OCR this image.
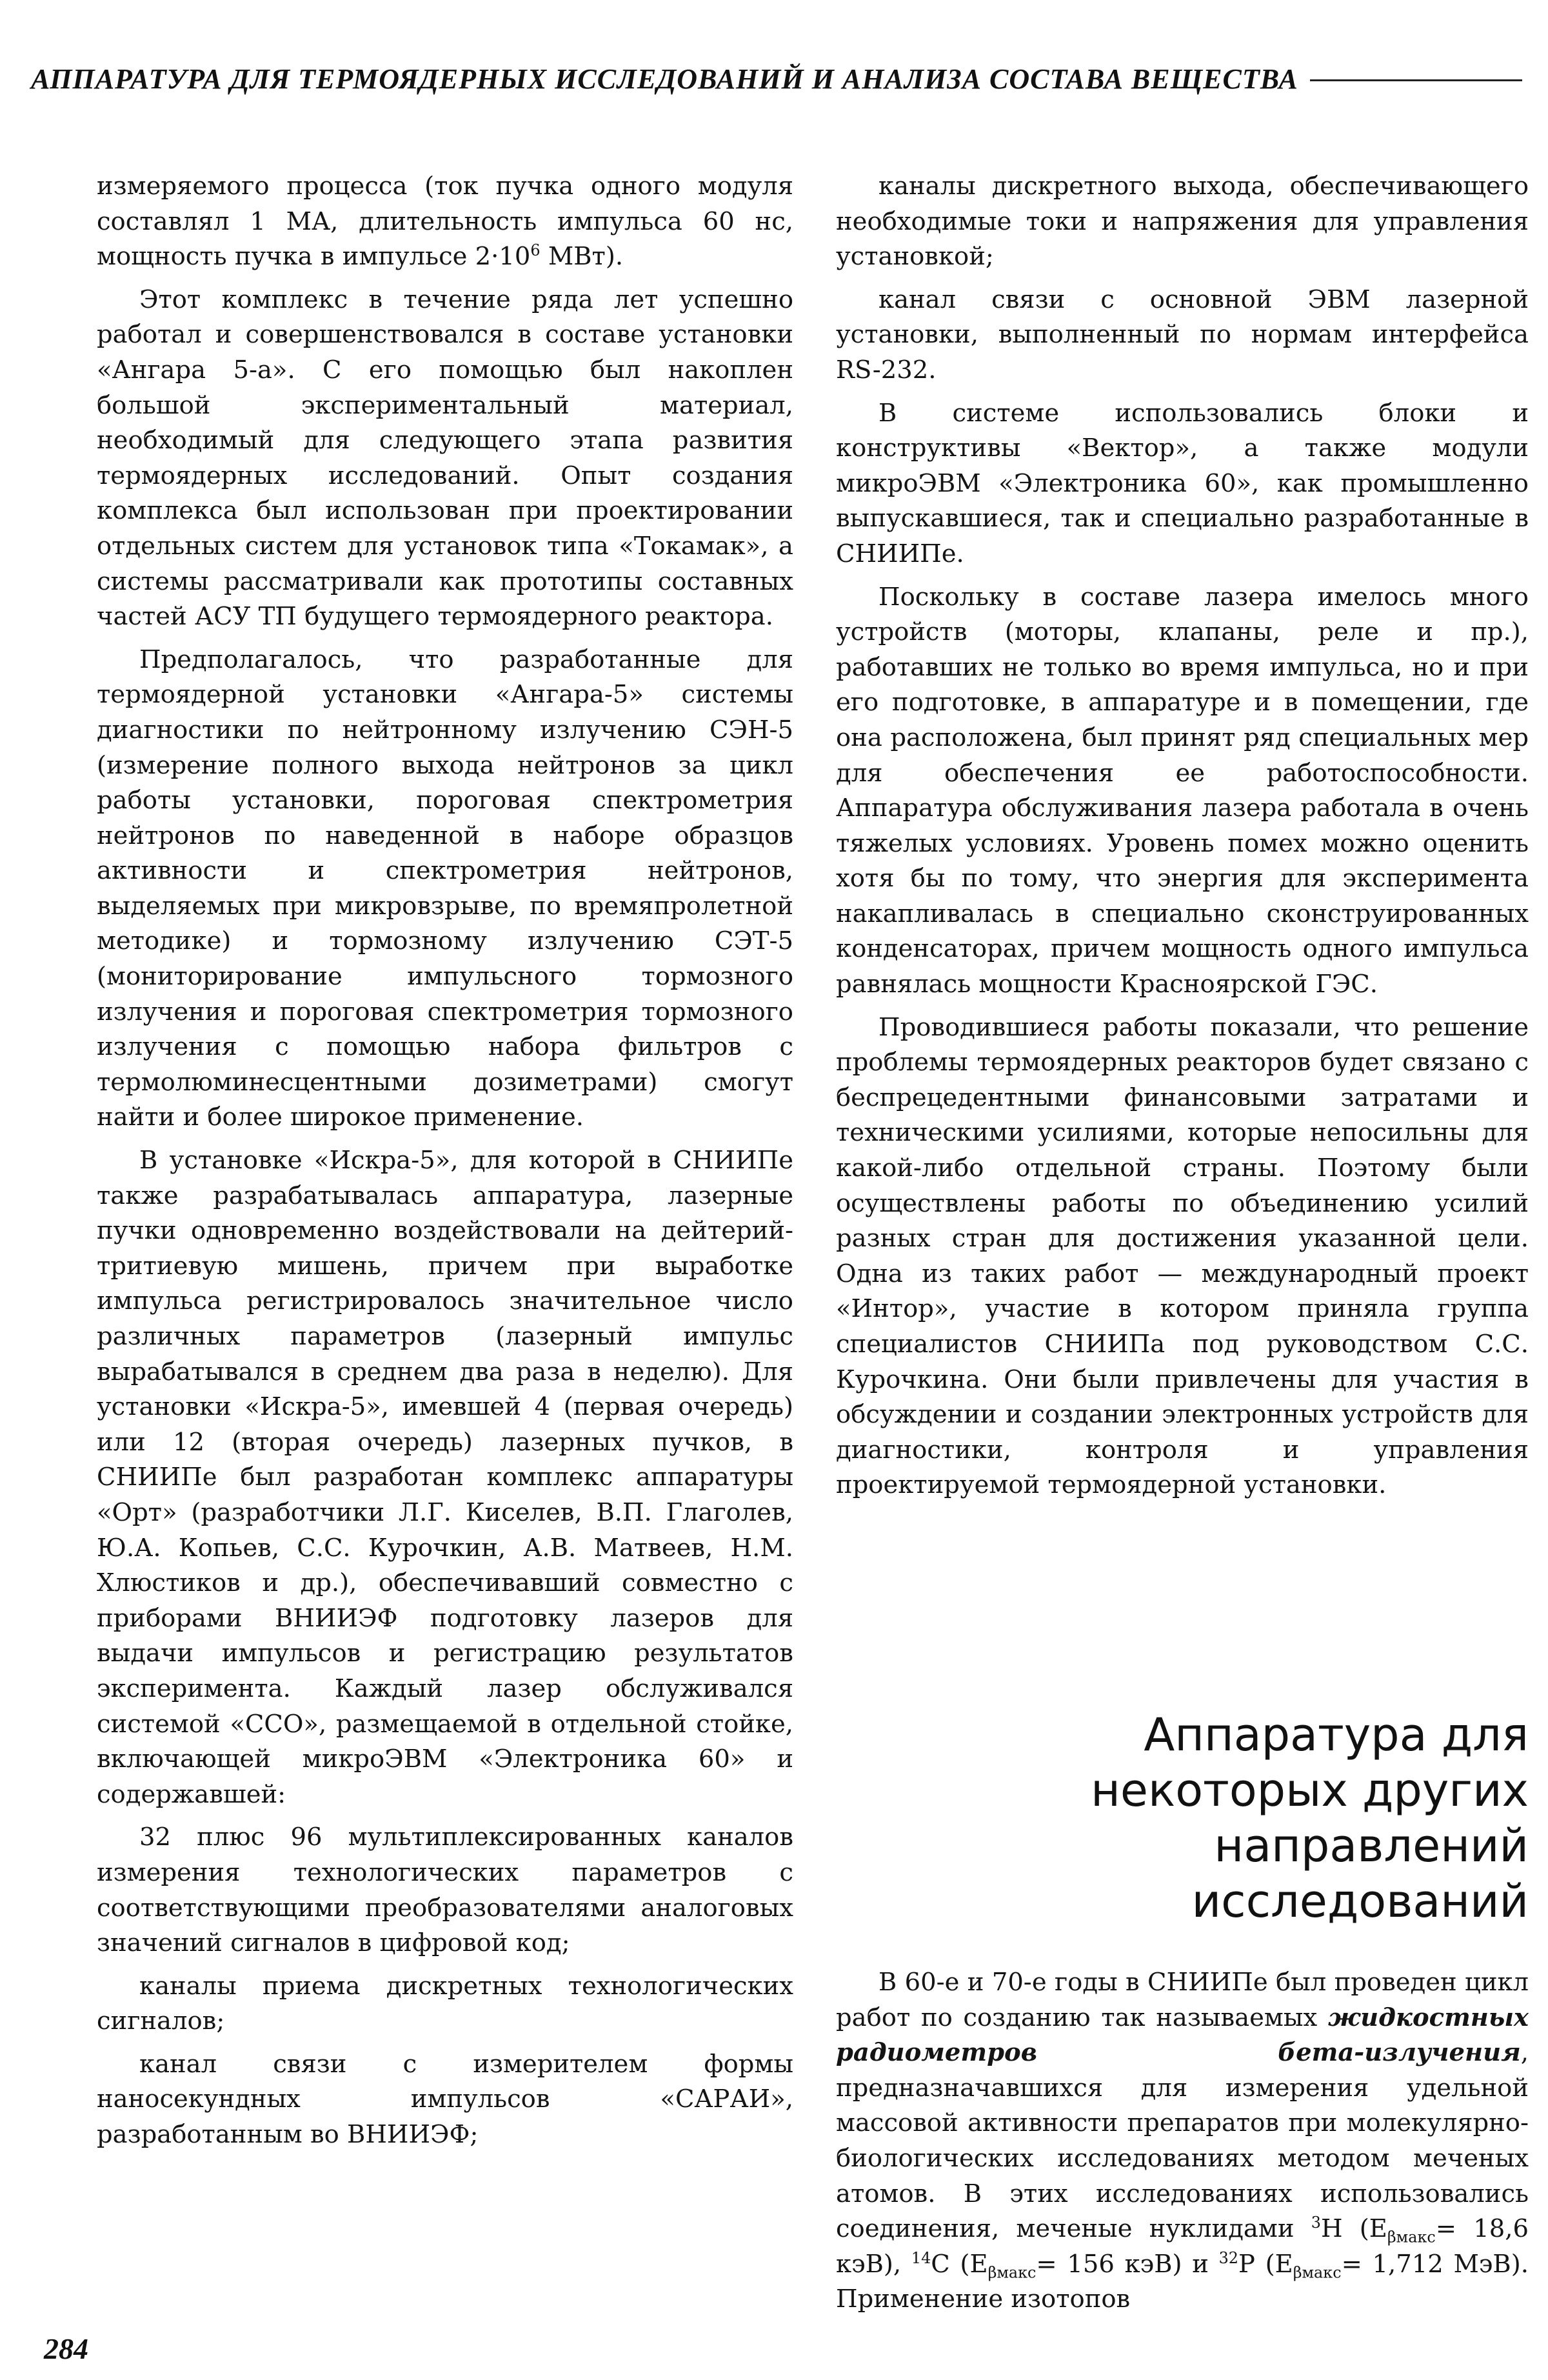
АППАРАТУРА ДЛЯ ТЕРМОЯДЕРНЫХ ИССЛЕДОВАНИЙ И АНАЛИЗА СОСТАВА ВЕЩЕСТВА

измеряемого процесса (ток пучка одного модуля составлял 1 МА, длительность импульса 60 нс, мощность пучка в импульсе $2\cdot 10^6$ МВт).

Этот комплекс в течение ряда лет успешно работал и совершенствовался в составе установки «Ангара 5-а». С его помощью был накоплен большой экспериментальный материал, необходимый для следующего этапа развития термоядерных исследований. Опыт создания комплекса был использован при проектировании отдельных систем для установок типа «Токамак», а системы рассматривали как прототипы составных частей АСУ ТП будущего термоядерного реактора.

Предполагалось, что разработанные для термоядерной установки «Ангара-5» системы диагностики по нейтронному излучению СЭН-5 (измерение полного выхода нейтронов за цикл работы установки, пороговая спектрометрия нейтронов по наведенной в наборе образцов активности и спектрометрия нейтронов, выделяемых при микровзрыве, по времяпролетной методике) и тормозному излучению СЭТ-5 (мониторирование импульсного тормозного излучения и пороговая спектрометрия тормозного излучения с помощью набора фильтров с термолюминесцентными дозиметрами) смогут найти и более широкое применение.

В установке «Искра-5», для которой в СНИИПе также разрабатывалась аппаратура, лазерные пучки одновременно воздействовали на дейтерий-тритиевую мишень, причем при выработке импульса регистрировалось значительное число различных параметров (лазерный импульс вырабатывался в среднем два раза в неделю). Для установки «Искра-5», имевшей 4 (первая очередь) или 12 (вторая очередь) лазерных пучков, в СНИИПе был разработан комплекс аппаратуры «Орт» (разработчики Л.Г. Киселев, В.П. Глаголев, Ю.А. Копьев, С.С. Курочкин, А.В. Матвеев, Н.М. Хлюстиков и др.), обеспечивавший совместно с приборами ВНИИЭФ подготовку лазеров для выдачи импульсов и регистрацию результатов эксперимента. Каждый лазер обслуживался системой «ССО», размещаемой в отдельной стойке, включающей микроЭВМ «Электроника 60» и содержавшей:

32 плюс 96 мультиплексированных каналов измерения технологических параметров с соответствующими преобразователями аналоговых значений сигналов в цифровой код;

каналы приема дискретных технологических сигналов;

канал связи с измерителем формы наносекундных импульсов «САРАИ», разработанным во ВНИИЭФ;

каналы дискретного выхода, обеспечивающего необходимые токи и напряжения для управления установкой;

канал связи с основной ЭВМ лазерной установки, выполненный по нормам интерфейса RS-232.

В системе использовались блоки и конструктивы «Вектор», а также модули микроЭВМ «Электроника 60», как промышленно выпускавшиеся, так и специально разработанные в СНИИПе.

Поскольку в составе лазера имелось много устройств (моторы, клапаны, реле и пр.), работавших не только во время импульса, но и при его подготовке, в аппаратуре и в помещении, где она расположена, был принят ряд специальных мер для обеспечения ее работоспособности. Аппаратура обслуживания лазера работала в очень тяжелых условиях. Уровень помех можно оценить хотя бы по тому, что энергия для эксперимента накапливалась в специально сконструированных конденсаторах, причем мощность одного импульса равнялась мощности Красноярской ГЭС.

Проводившиеся работы показали, что решение проблемы термоядерных реакторов будет связано с беспрецедентными финансовыми затратами и техническими усилиями, которые непосильны для какой-либо отдельной страны. Поэтому были осуществлены работы по объединению усилий разных стран для достижения указанной цели. Одна из таких работ — международный проект «Интор», участие в котором приняла группа специалистов СНИИПа под руководством С.С. Курочкина. Они были привлечены для участия в обсуждении и создании электронных устройств для диагностики, контроля и управления проектируемой термоядерной установки.

Аппаратура для
некоторых других
направлений
исследований

В 60-е и 70-е годы в СНИИПе был проведен цикл работ по созданию так называемых жидкостных радиометров бета-излучения, предназначавшихся для измерения удельной массовой активности препаратов при молекулярно-биологических исследованиях методом меченых атомов. В этих исследованиях использовались соединения, меченые нуклидами $^3$Н ($Е_{\beta макс}= 18,6$ кэВ), $^{14}$С ($Е_{\beta макс}= 156$ кэВ) и $^{32}$Р ($Е_{\beta макс}= 1,712$ МэВ). Применение изотопов

284
